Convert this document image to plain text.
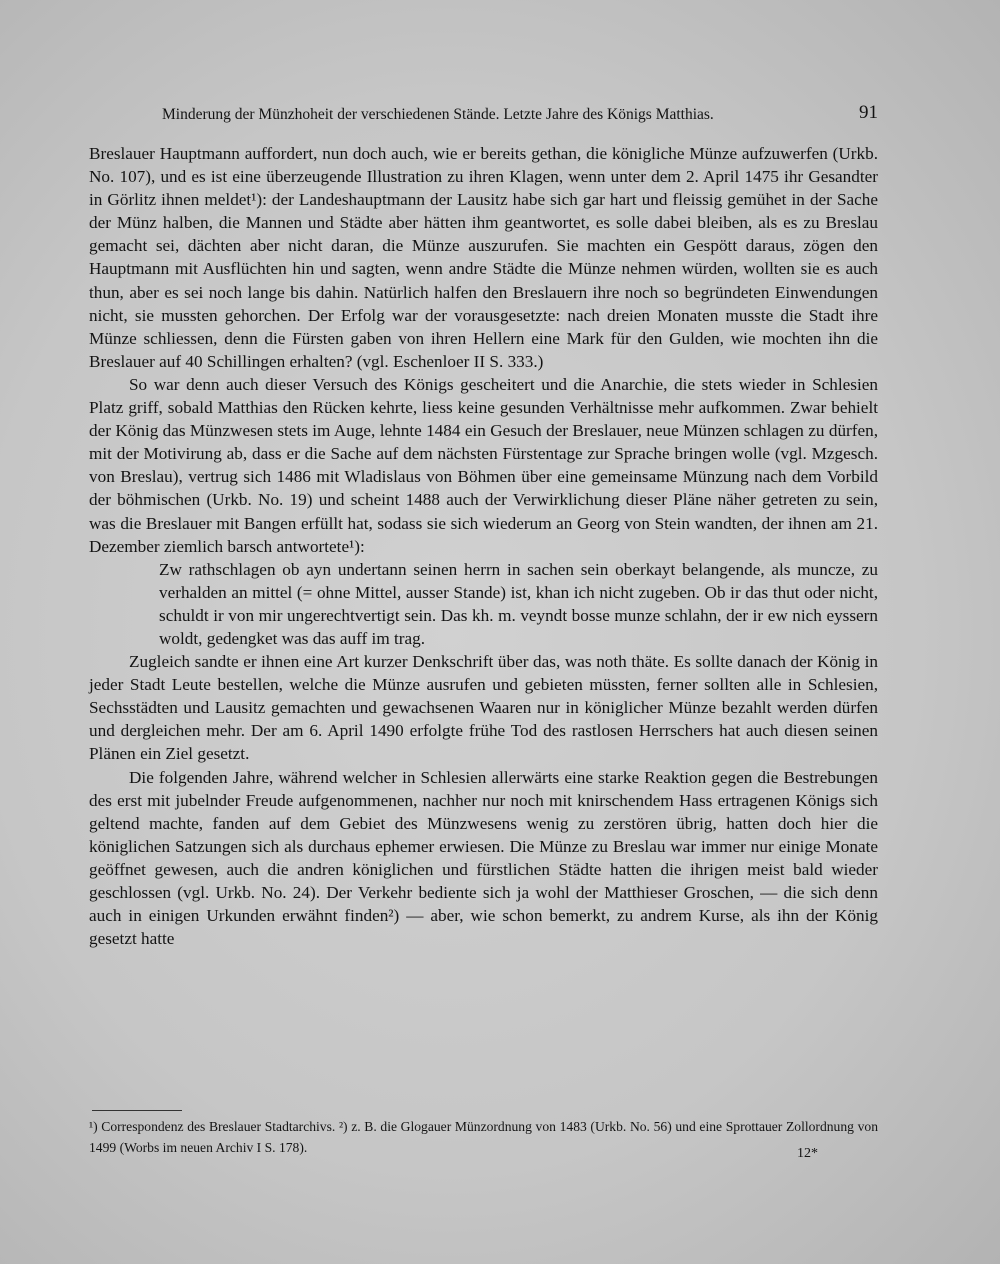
Minderung der Münzhoheit der verschiedenen Stände. Letzte Jahre des Königs Matthias.	91

Breslauer Hauptmann auffordert, nun doch auch, wie er bereits gethan, die königliche Münze aufzuwerfen (Urkb. No. 107), und es ist eine überzeugende Illustration zu ihren Klagen, wenn unter dem 2. April 1475 ihr Gesandter in Görlitz ihnen meldet¹): der Landeshauptmann der Lausitz habe sich gar hart und fleissig gemühet in der Sache der Münz halben, die Mannen und Städte aber hätten ihm geantwortet, es solle dabei bleiben, als es zu Breslau gemacht sei, dächten aber nicht daran, die Münze auszurufen. Sie machten ein Gespött daraus, zögen den Hauptmann mit Ausflüchten hin und sagten, wenn andre Städte die Münze nehmen würden, wollten sie es auch thun, aber es sei noch lange bis dahin. Natürlich halfen den Breslauern ihre noch so begründeten Einwendungen nicht, sie mussten gehorchen. Der Erfolg war der vorausgesetzte: nach dreien Monaten musste die Stadt ihre Münze schliessen, denn die Fürsten gaben von ihren Hellern eine Mark für den Gulden, wie mochten ihn die Breslauer auf 40 Schillingen erhalten? (vgl. Eschenloer II S. 333.)

So war denn auch dieser Versuch des Königs gescheitert und die Anarchie, die stets wieder in Schlesien Platz griff, sobald Matthias den Rücken kehrte, liess keine gesunden Verhältnisse mehr aufkommen. Zwar behielt der König das Münzwesen stets im Auge, lehnte 1484 ein Gesuch der Breslauer, neue Münzen schlagen zu dürfen, mit der Motivirung ab, dass er die Sache auf dem nächsten Fürstentage zur Sprache bringen wolle (vgl. Mzgesch. von Breslau), vertrug sich 1486 mit Wladislaus von Böhmen über eine gemeinsame Münzung nach dem Vorbild der böhmischen (Urkb. No. 19) und scheint 1488 auch der Verwirklichung dieser Pläne näher getreten zu sein, was die Breslauer mit Bangen erfüllt hat, sodass sie sich wiederum an Georg von Stein wandten, der ihnen am 21. Dezember ziemlich barsch antwortete¹):

Zw rathschlagen ob ayn undertann seinen herrn in sachen sein oberkayt belangende, als muncze, zu verhalden an mittel (= ohne Mittel, ausser Stande) ist, khan ich nicht zugeben. Ob ir das thut oder nicht, schuldt ir von mir ungerechtvertigt sein. Das kh. m. veyndt bosse munze schlahn, der ir ew nich eyssern woldt, gedengket was das auff im trag.

Zugleich sandte er ihnen eine Art kurzer Denkschrift über das, was noth thäte. Es sollte danach der König in jeder Stadt Leute bestellen, welche die Münze ausrufen und gebieten müssten, ferner sollten alle in Schlesien, Sechsstädten und Lausitz gemachten und gewachsenen Waaren nur in königlicher Münze bezahlt werden dürfen und dergleichen mehr. Der am 6. April 1490 erfolgte frühe Tod des rastlosen Herrschers hat auch diesen seinen Plänen ein Ziel gesetzt.

Die folgenden Jahre, während welcher in Schlesien allerwärts eine starke Reaktion gegen die Bestrebungen des erst mit jubelnder Freude aufgenommenen, nachher nur noch mit knirschendem Hass ertragenen Königs sich geltend machte, fanden auf dem Gebiet des Münzwesens wenig zu zerstören übrig, hatten doch hier die königlichen Satzungen sich als durchaus ephemer erwiesen. Die Münze zu Breslau war immer nur einige Monate geöffnet gewesen, auch die andren königlichen und fürstlichen Städte hatten die ihrigen meist bald wieder geschlossen (vgl. Urkb. No. 24). Der Verkehr bediente sich ja wohl der Matthieser Groschen, — die sich denn auch in einigen Urkunden erwähnt finden²) — aber, wie schon bemerkt, zu andrem Kurse, als ihn der König gesetzt hatte

¹) Correspondenz des Breslauer Stadtarchivs. ²) z. B. die Glogauer Münzordnung von 1483 (Urkb. No. 56) und eine Sprottauer Zollordnung von 1499 (Worbs im neuen Archiv I S. 178).	12*
